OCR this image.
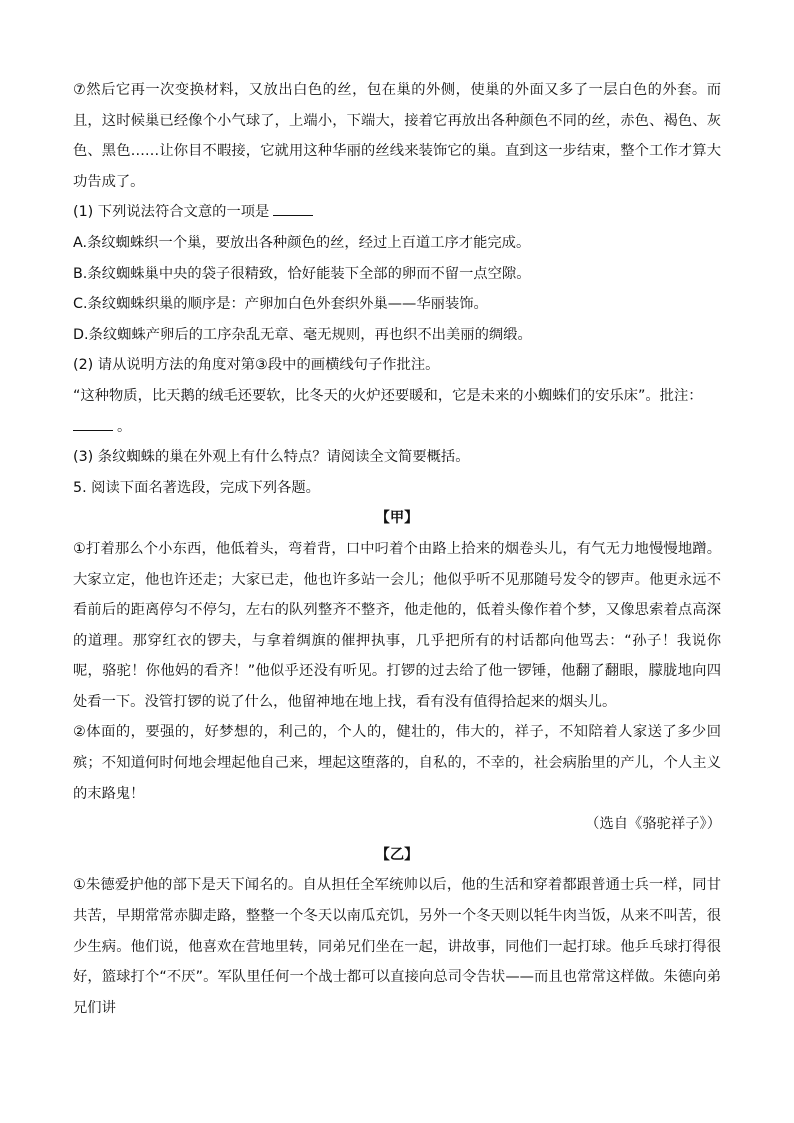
⑦然后它再一次变换材料，又放出白色的丝，包在巢的外侧，使巢的外面又多了一层白色的外套。而且，这时候巢已经像个小气球了，上端小，下端大，接着它再放出各种颜色不同的丝，赤色、褐色、灰色、黑色……让你目不暇接，它就用这种华丽的丝线来装饰它的巢。直到这一步结束，整个工作才算大功告成了。

(1) 下列说法符合文意的一项是

A.条纹蜘蛛织一个巢，要放出各种颜色的丝，经过上百道工序才能完成。

B.条纹蜘蛛巢中央的袋子很精致，恰好能装下全部的卵而不留一点空隙。

C.条纹蜘蛛织巢的顺序是：产卵加白色外套织外巢——华丽装饰。

D.条纹蜘蛛产卵后的工序杂乱无章、毫无规则，再也织不出美丽的绸缎。

(2) 请从说明方法的角度对第③段中的画横线句子作批注。

“这种物质，比天鹅的绒毛还要软，比冬天的火炉还要暖和，它是未来的小蜘蛛们的安乐床”。批注：

。

(3) 条纹蜘蛛的巢在外观上有什么特点？请阅读全文简要概括。

5. 阅读下面名著选段，完成下列各题。

【甲】

①打着那么个小东西，他低着头，弯着背，口中叼着个由路上拾来的烟卷头儿，有气无力地慢慢地蹭。大家立定，他也许还走；大家已走，他也许多站一会儿；他似乎听不见那随号发令的锣声。他更永远不看前后的距离停匀不停匀，左右的队列整齐不整齐，他走他的，低着头像作着个梦，又像思索着点高深的道理。那穿红衣的锣夫，与拿着绸旗的催押执事，几乎把所有的村话都向他骂去：“孙子！我说你呢，骆驼！你他妈的看齐！”他似乎还没有听见。打锣的过去给了他一锣锤，他翻了翻眼，朦胧地向四处看一下。没管打锣的说了什么，他留神地在地上找，看有没有值得拾起来的烟头儿。

②体面的，要强的，好梦想的，利己的，个人的，健壮的，伟大的，祥子，不知陪着人家送了多少回殡；不知道何时何地会埋起他自己来，埋起这堕落的，自私的，不幸的，社会病胎里的产儿，个人主义的末路鬼！

（选自《骆驼祥子》）

【乙】

①朱德爱护他的部下是天下闻名的。自从担任全军统帅以后，他的生活和穿着都跟普通士兵一样，同甘共苦，早期常常赤脚走路，整整一个冬天以南瓜充饥，另外一个冬天则以牦牛肉当饭，从来不叫苦，很少生病。他们说，他喜欢在营地里转，同弟兄们坐在一起，讲故事，同他们一起打球。他乒乓球打得很好，篮球打个“不厌”。军队里任何一个战士都可以直接向总司令告状——而且也常常这样做。朱德向弟兄们讲
